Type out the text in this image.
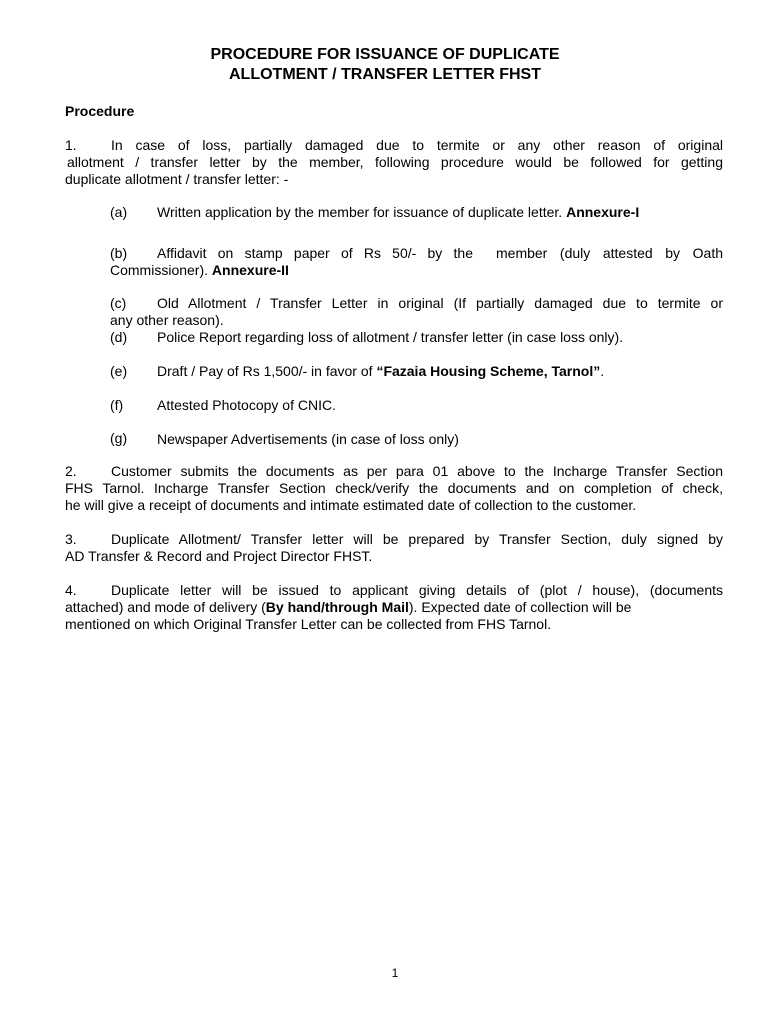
PROCEDURE FOR ISSUANCE OF DUPLICATE
ALLOTMENT / TRANSFER LETTER FHST
Procedure
1. In case of loss, partially damaged due to termite or any other reason of original
allotment / transfer letter by the member, following procedure would be followed for getting
duplicate allotment / transfer letter: -
(a) Written application by the member for issuance of duplicate letter. Annexure-I
(b) Affidavit on stamp paper of Rs 50/- by the member (duly attested by Oath
Commissioner). Annexure-II
(c) Old Allotment / Transfer Letter in original (If partially damaged due to termite or
any other reason).
(d) Police Report regarding loss of allotment / transfer letter (in case loss only).
(e) Draft / Pay of Rs 1,500/- in favor of “Fazaia Housing Scheme, Tarnol”.
(f) Attested Photocopy of CNIC.
(g) Newspaper Advertisements (in case of loss only)
2. Customer submits the documents as per para 01 above to the Incharge Transfer Section
FHS Tarnol. Incharge Transfer Section check/verify the documents and on completion of check,
he will give a receipt of documents and intimate estimated date of collection to the customer.
3. Duplicate Allotment/ Transfer letter will be prepared by Transfer Section, duly signed by
AD Transfer & Record and Project Director FHST.
4. Duplicate letter will be issued to applicant giving details of (plot / house), (documents
attached) and mode of delivery (By hand/through Mail). Expected date of collection will be
mentioned on which Original Transfer Letter can be collected from FHS Tarnol.
1
